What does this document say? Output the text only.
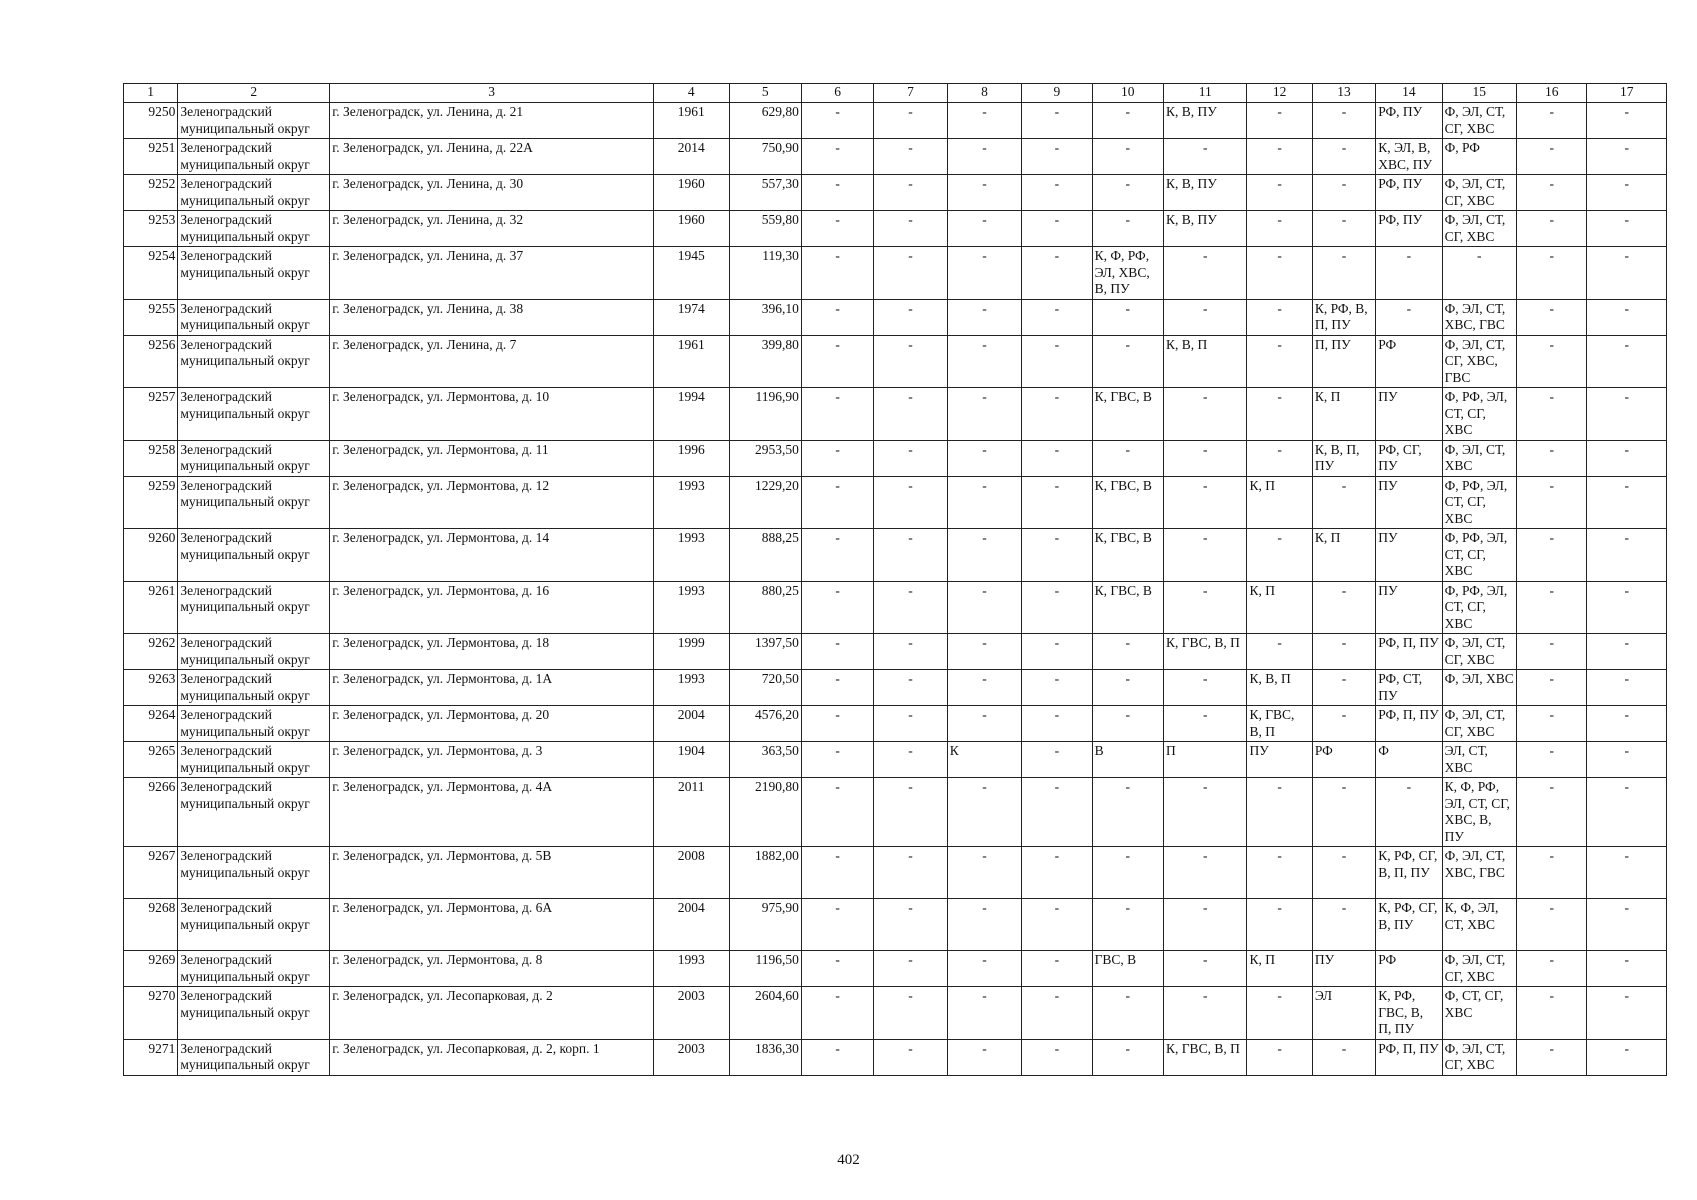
1	2	3	4	5	6	7	8	9	10	11	12	13	14	15	16	17
9250	Зеленоградский муниципальный округ	г. Зеленоградск, ул. Ленина, д. 21	1961	629,80	-	-	-	-	-	К, В, ПУ	-	-	РФ, ПУ	Ф, ЭЛ, СТ, СГ, ХВС	-	-
9251	Зеленоградский муниципальный округ	г. Зеленоградск, ул. Ленина, д. 22А	2014	750,90	-	-	-	-	-	-	-	-	К, ЭЛ, В, ХВС, ПУ	Ф, РФ	-	-
9252	Зеленоградский муниципальный округ	г. Зеленоградск, ул. Ленина, д. 30	1960	557,30	-	-	-	-	-	К, В, ПУ	-	-	РФ, ПУ	Ф, ЭЛ, СТ, СГ, ХВС	-	-
9253	Зеленоградский муниципальный округ	г. Зеленоградск, ул. Ленина, д. 32	1960	559,80	-	-	-	-	-	К, В, ПУ	-	-	РФ, ПУ	Ф, ЭЛ, СТ, СГ, ХВС	-	-
9254	Зеленоградский муниципальный округ	г. Зеленоградск, ул. Ленина, д. 37	1945	119,30	-	-	-	-	К, Ф, РФ, ЭЛ, ХВС, В, ПУ	-	-	-	-	-	-	-
9255	Зеленоградский муниципальный округ	г. Зеленоградск, ул. Ленина, д. 38	1974	396,10	-	-	-	-	-	-	-	К, РФ, В, П, ПУ	-	Ф, ЭЛ, СТ, ХВС, ГВС	-	-
9256	Зеленоградский муниципальный округ	г. Зеленоградск, ул. Ленина, д. 7	1961	399,80	-	-	-	-	-	К, В, П	-	П, ПУ	РФ	Ф, ЭЛ, СТ, СГ, ХВС, ГВС	-	-
9257	Зеленоградский муниципальный округ	г. Зеленоградск, ул. Лермонтова, д. 10	1994	1196,90	-	-	-	-	К, ГВС, В	-	-	К, П	ПУ	Ф, РФ, ЭЛ, СТ, СГ, ХВС	-	-
9258	Зеленоградский муниципальный округ	г. Зеленоградск, ул. Лермонтова, д. 11	1996	2953,50	-	-	-	-	-	-	-	К, В, П, ПУ	РФ, СГ, ПУ	Ф, ЭЛ, СТ, ХВС	-	-
9259	Зеленоградский муниципальный округ	г. Зеленоградск, ул. Лермонтова, д. 12	1993	1229,20	-	-	-	-	К, ГВС, В	-	К, П	-	ПУ	Ф, РФ, ЭЛ, СТ, СГ, ХВС	-	-
9260	Зеленоградский муниципальный округ	г. Зеленоградск, ул. Лермонтова, д. 14	1993	888,25	-	-	-	-	К, ГВС, В	-	-	К, П	ПУ	Ф, РФ, ЭЛ, СТ, СГ, ХВС	-	-
9261	Зеленоградский муниципальный округ	г. Зеленоградск, ул. Лермонтова, д. 16	1993	880,25	-	-	-	-	К, ГВС, В	-	К, П	-	ПУ	Ф, РФ, ЭЛ, СТ, СГ, ХВС	-	-
9262	Зеленоградский муниципальный округ	г. Зеленоградск, ул. Лермонтова, д. 18	1999	1397,50	-	-	-	-	-	К, ГВС, В, П	-	-	РФ, П, ПУ	Ф, ЭЛ, СТ, СГ, ХВС	-	-
9263	Зеленоградский муниципальный округ	г. Зеленоградск, ул. Лермонтова, д. 1А	1993	720,50	-	-	-	-	-	-	К, В, П	-	РФ, СТ, ПУ	Ф, ЭЛ, ХВС	-	-
9264	Зеленоградский муниципальный округ	г. Зеленоградск, ул. Лермонтова, д. 20	2004	4576,20	-	-	-	-	-	-	К, ГВС, В, П	-	РФ, П, ПУ	Ф, ЭЛ, СТ, СГ, ХВС	-	-
9265	Зеленоградский муниципальный округ	г. Зеленоградск, ул. Лермонтова, д. 3	1904	363,50	-	-	К	-	В	П	ПУ	РФ	Ф	ЭЛ, СТ, ХВС	-	-
9266	Зеленоградский муниципальный округ	г. Зеленоградск, ул. Лермонтова, д. 4А	2011	2190,80	-	-	-	-	-	-	-	-	-	К, Ф, РФ, ЭЛ, СТ, СГ, ХВС, В, ПУ	-	-
9267	Зеленоградский муниципальный округ	г. Зеленоградск, ул. Лермонтова, д. 5В	2008	1882,00	-	-	-	-	-	-	-	-	К, РФ, СГ, В, П, ПУ	Ф, ЭЛ, СТ, ХВС, ГВС	-	-
9268	Зеленоградский муниципальный округ	г. Зеленоградск, ул. Лермонтова, д. 6А	2004	975,90	-	-	-	-	-	-	-	-	К, РФ, СГ, В, ПУ	К, Ф, ЭЛ, СТ, ХВС	-	-
9269	Зеленоградский муниципальный округ	г. Зеленоградск, ул. Лермонтова, д. 8	1993	1196,50	-	-	-	-	ГВС, В	-	К, П	ПУ	РФ	Ф, ЭЛ, СТ, СГ, ХВС	-	-
9270	Зеленоградский муниципальный округ	г. Зеленоградск, ул. Лесопарковая, д. 2	2003	2604,60	-	-	-	-	-	-	-	ЭЛ	К, РФ, ГВС, В, П, ПУ	Ф, СТ, СГ, ХВС	-	-
9271	Зеленоградский муниципальный округ	г. Зеленоградск, ул. Лесопарковая, д. 2, корп. 1	2003	1836,30	-	-	-	-	-	К, ГВС, В, П	-	-	РФ, П, ПУ	Ф, ЭЛ, СТ, СГ, ХВС	-	-
402
